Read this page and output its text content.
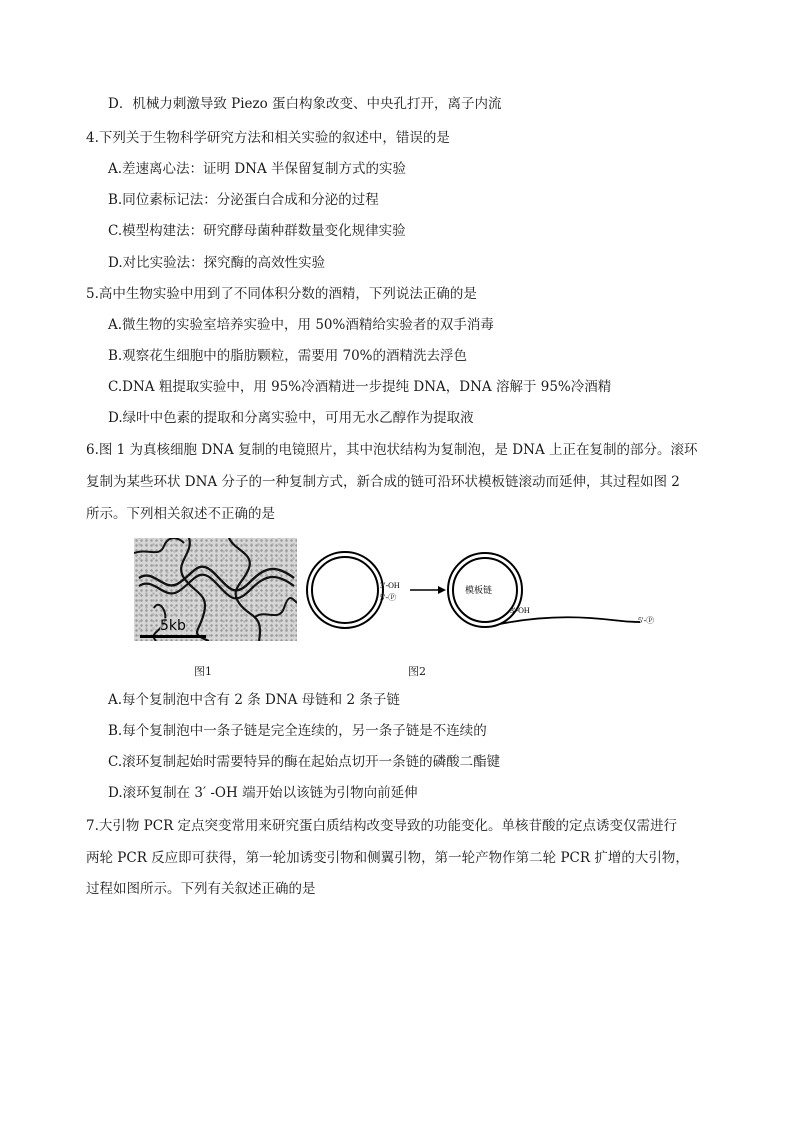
D．机械力刺激导致 Piezo 蛋白构象改变、中央孔打开，离子内流
4.下列关于生物科学研究方法和相关实验的叙述中，错误的是
A.差速离心法：证明 DNA 半保留复制方式的实验
B.同位素标记法：分泌蛋白合成和分泌的过程
C.模型构建法：研究酵母菌种群数量变化规律实验
D.对比实验法：探究酶的高效性实验
5.高中生物实验中用到了不同体积分数的酒精，下列说法正确的是
A.微生物的实验室培养实验中，用 50%酒精给实验者的双手消毒
B.观察花生细胞中的脂肪颗粒，需要用 70%的酒精洗去浮色
C.DNA 粗提取实验中，用 95%冷酒精进一步提纯 DNA，DNA 溶解于 95%冷酒精
D.绿叶中色素的提取和分离实验中，可用无水乙醇作为提取液
6.图 1 为真核细胞 DNA 复制的电镜照片，其中泡状结构为复制泡，是 DNA 上正在复制的部分。滚环
复制为某些环状 DNA 分子的一种复制方式，新合成的链可沿环状模板链滚动而延伸，其过程如图 2
所示。下列相关叙述不正确的是
5kb
3'-OH
5'-Ⓟ
模板链
3'-OH
5'-Ⓟ
图1	图2
A.每个复制泡中含有 2 条 DNA 母链和 2 条子链
B.每个复制泡中一条子链是完全连续的，另一条子链是不连续的
C.滚环复制起始时需要特异的酶在起始点切开一条链的磷酸二酯键
D.滚环复制在 3′ -OH 端开始以该链为引物向前延伸
7.大引物 PCR 定点突变常用来研究蛋白质结构改变导致的功能变化。单核苷酸的定点诱变仅需进行
两轮 PCR 反应即可获得，第一轮加诱变引物和侧翼引物，第一轮产物作第二轮 PCR 扩增的大引物，
过程如图所示。下列有关叙述正确的是
